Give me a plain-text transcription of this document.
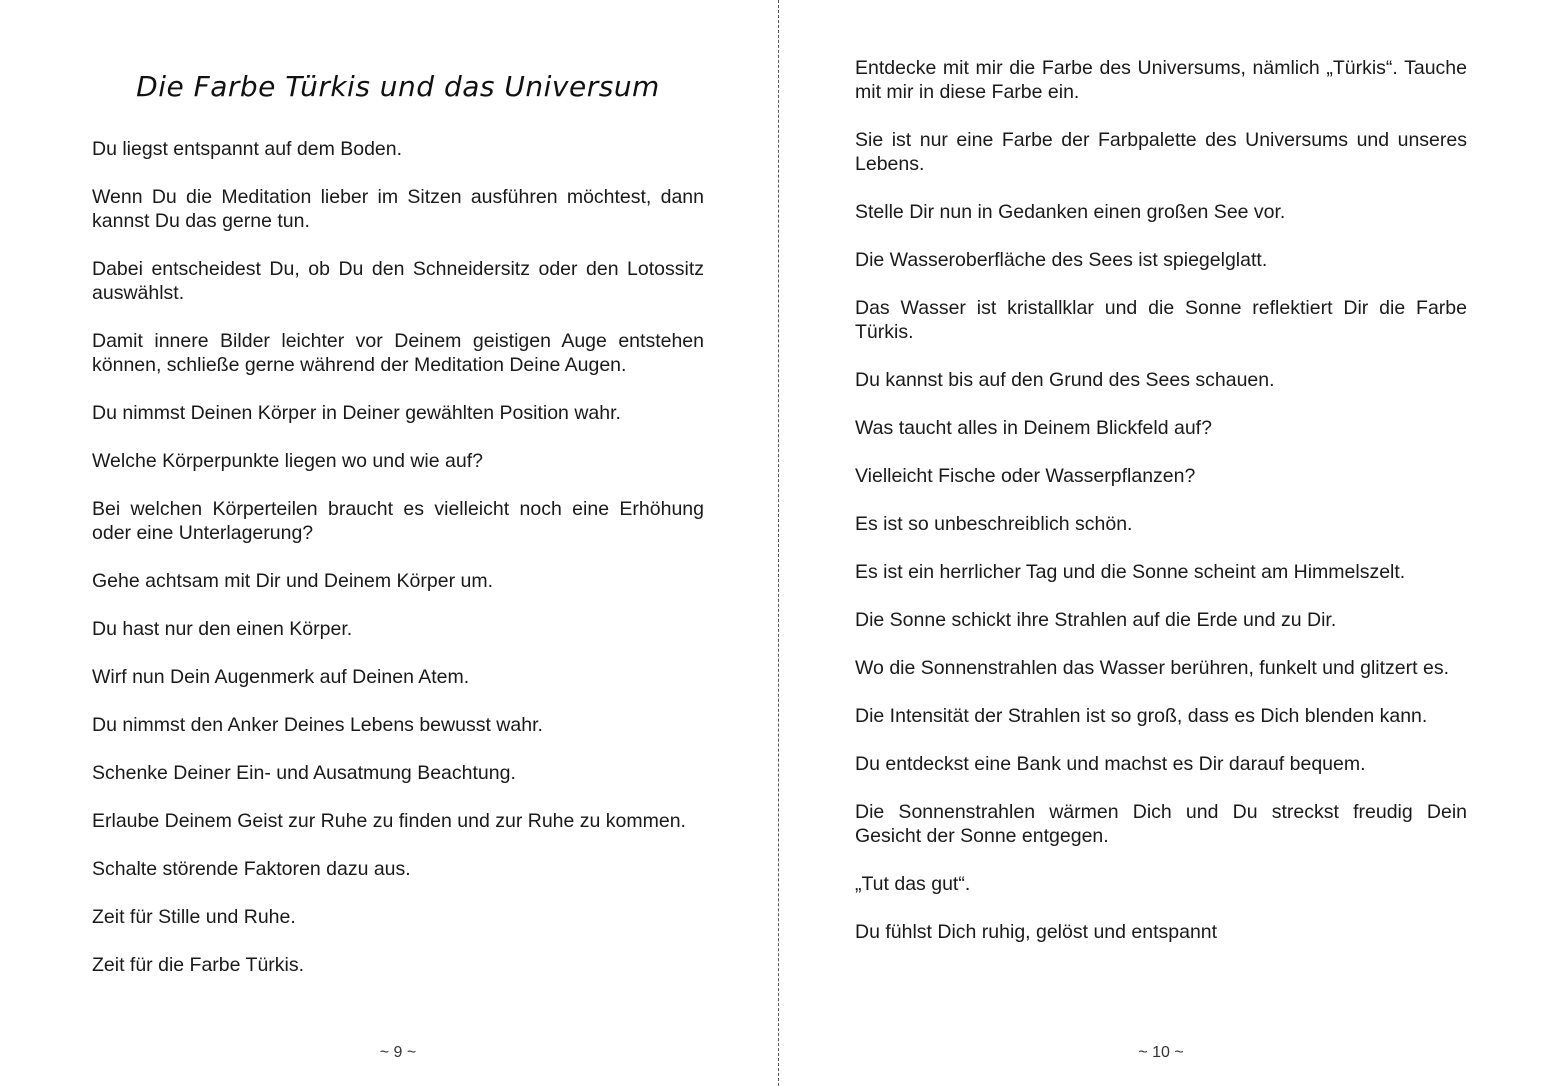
Die Farbe Türkis und das Universum

Du liegst entspannt auf dem Boden.

Wenn Du die Meditation lieber im Sitzen ausführen möchtest, dann kannst Du das gerne tun.

Dabei entscheidest Du, ob Du den Schneidersitz oder den Lotossitz auswählst.

Damit innere Bilder leichter vor Deinem geistigen Auge entstehen können, schließe gerne während der Meditation Deine Augen.

Du nimmst Deinen Körper in Deiner gewählten Position wahr.

Welche Körperpunkte liegen wo und wie auf?

Bei welchen Körperteilen braucht es vielleicht noch eine Erhöhung oder eine Unterlagerung?

Gehe achtsam mit Dir und Deinem Körper um.

Du hast nur den einen Körper.

Wirf nun Dein Augenmerk auf Deinen Atem.

Du nimmst den Anker Deines Lebens bewusst wahr.

Schenke Deiner Ein- und Ausatmung Beachtung.

Erlaube Deinem Geist zur Ruhe zu finden und zur Ruhe zu kommen.

Schalte störende Faktoren dazu aus.

Zeit für Stille und Ruhe.

Zeit für die Farbe Türkis.

~ 9 ~

Entdecke mit mir die Farbe des Universums, nämlich „Türkis“. Tauche mit mir in diese Farbe ein.

Sie ist nur eine Farbe der Farbpalette des Universums und unseres Lebens.

Stelle Dir nun in Gedanken einen großen See vor.

Die Wasseroberfläche des Sees ist spiegelglatt.

Das Wasser ist kristallklar und die Sonne reflektiert Dir die Farbe Türkis.

Du kannst bis auf den Grund des Sees schauen.

Was taucht alles in Deinem Blickfeld auf?

Vielleicht Fische oder Wasserpflanzen?

Es ist so unbeschreiblich schön.

Es ist ein herrlicher Tag und die Sonne scheint am Himmelszelt.

Die Sonne schickt ihre Strahlen auf die Erde und zu Dir.

Wo die Sonnenstrahlen das Wasser berühren, funkelt und glitzert es.

Die Intensität der Strahlen ist so groß, dass es Dich blenden kann.

Du entdeckst eine Bank und machst es Dir darauf bequem.

Die Sonnenstrahlen wärmen Dich und Du streckst freudig Dein Gesicht der Sonne entgegen.

„Tut das gut“.

Du fühlst Dich ruhig, gelöst und entspannt

~ 10 ~
